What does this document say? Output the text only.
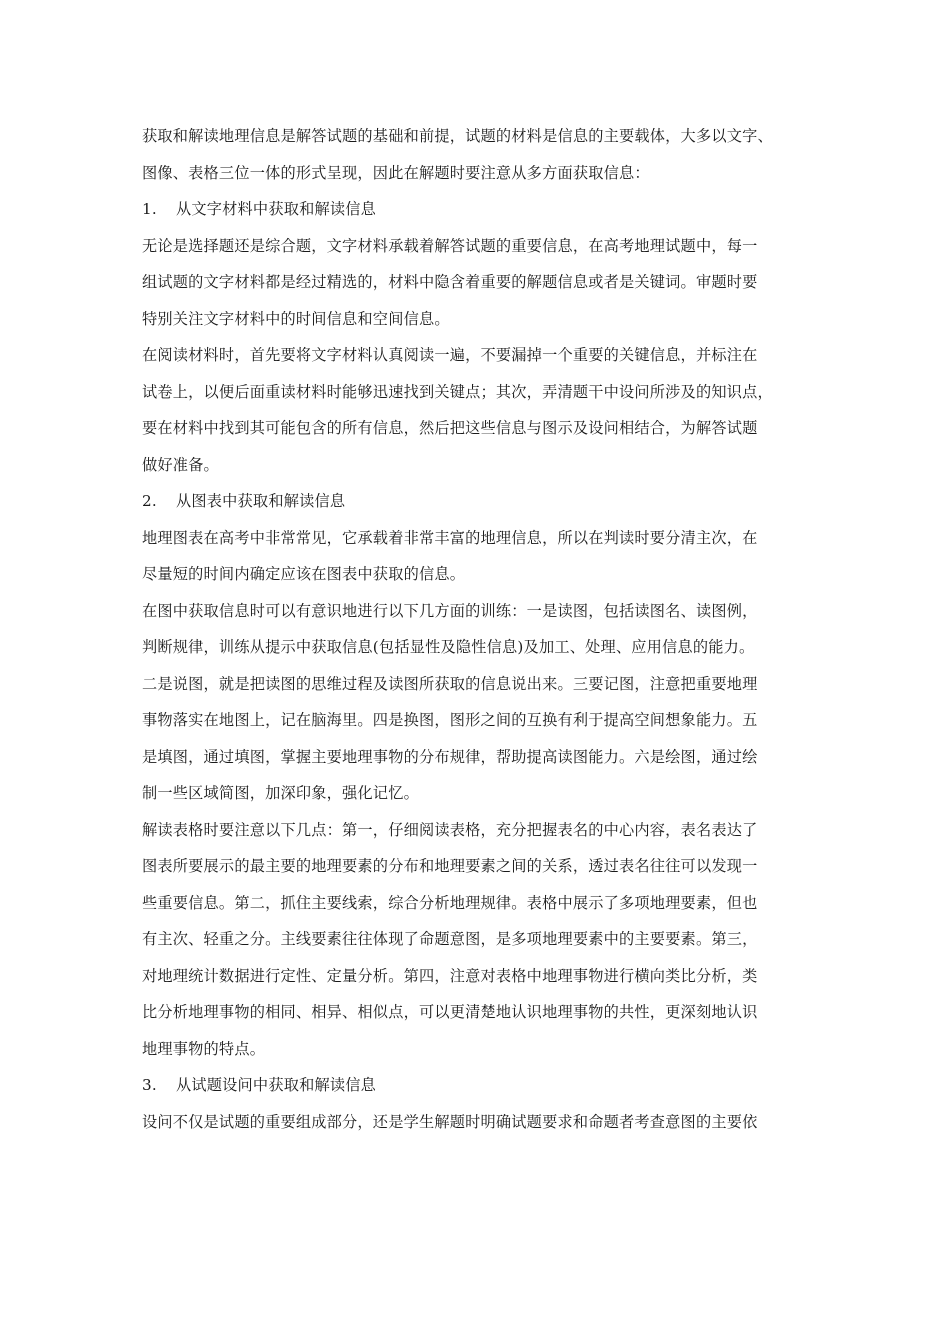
获取和解读地理信息是解答试题的基础和前提，试题的材料是信息的主要载体，大多以文字、
图像、表格三位一体的形式呈现，因此在解题时要注意从多方面获取信息：
1. 从文字材料中获取和解读信息
无论是选择题还是综合题，文字材料承载着解答试题的重要信息，在高考地理试题中，每一
组试题的文字材料都是经过精选的，材料中隐含着重要的解题信息或者是关键词。审题时要
特别关注文字材料中的时间信息和空间信息。
在阅读材料时，首先要将文字材料认真阅读一遍，不要漏掉一个重要的关键信息，并标注在
试卷上，以便后面重读材料时能够迅速找到关键点；其次，弄清题干中设问所涉及的知识点，
要在材料中找到其可能包含的所有信息，然后把这些信息与图示及设问相结合，为解答试题
做好准备。
2. 从图表中获取和解读信息
地理图表在高考中非常常见，它承载着非常丰富的地理信息，所以在判读时要分清主次，在
尽量短的时间内确定应该在图表中获取的信息。
在图中获取信息时可以有意识地进行以下几方面的训练：一是读图，包括读图名、读图例，
判断规律，训练从提示中获取信息(包括显性及隐性信息)及加工、处理、应用信息的能力。
二是说图，就是把读图的思维过程及读图所获取的信息说出来。三要记图，注意把重要地理
事物落实在地图上，记在脑海里。四是换图，图形之间的互换有利于提高空间想象能力。五
是填图，通过填图，掌握主要地理事物的分布规律，帮助提高读图能力。六是绘图，通过绘
制一些区域简图，加深印象，强化记忆。
解读表格时要注意以下几点：第一，仔细阅读表格，充分把握表名的中心内容，表名表达了
图表所要展示的最主要的地理要素的分布和地理要素之间的关系，透过表名往往可以发现一
些重要信息。第二，抓住主要线索，综合分析地理规律。表格中展示了多项地理要素，但也
有主次、轻重之分。主线要素往往体现了命题意图，是多项地理要素中的主要要素。第三，
对地理统计数据进行定性、定量分析。第四，注意对表格中地理事物进行横向类比分析，类
比分析地理事物的相同、相异、相似点，可以更清楚地认识地理事物的共性，更深刻地认识
地理事物的特点。
3. 从试题设问中获取和解读信息
设问不仅是试题的重要组成部分，还是学生解题时明确试题要求和命题者考查意图的主要依
